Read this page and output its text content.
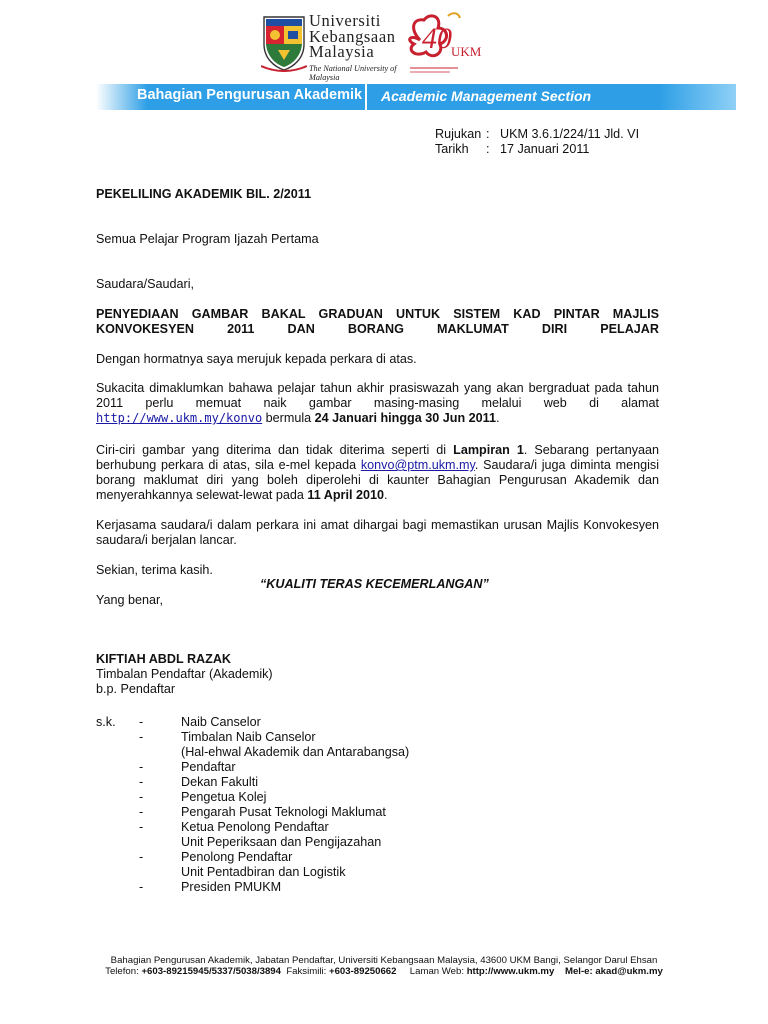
Universiti
Kebangsaan
Malaysia
The National University of Malaysia
40 UKM
Bahagian Pengurusan Akademik Academic Management Section
Rujukan	:	UKM 3.6.1/224/11 Jld. VI
Tarikh	:	17 Januari 2011
PEKELILING AKADEMIK BIL. 2/2011
Semua Pelajar Program Ijazah Pertama
Saudara/Saudari,
PENYEDIAAN GAMBAR BAKAL GRADUAN UNTUK SISTEM KAD PINTAR MAJLIS KONVOKESYEN 2011 DAN BORANG MAKLUMAT DIRI PELAJAR
Dengan hormatnya saya merujuk kepada perkara di atas.
Sukacita dimaklumkan bahawa pelajar tahun akhir prasiswazah yang akan bergraduat pada tahun 2011 perlu memuat naik gambar masing-masing melalui web di alamat http://www.ukm.my/konvo bermula 24 Januari hingga 30 Jun 2011.
Ciri-ciri gambar yang diterima dan tidak diterima seperti di Lampiran 1. Sebarang pertanyaan berhubung perkara di atas, sila e-mel kepada konvo@ptm.ukm.my. Saudara/i juga diminta mengisi borang maklumat diri yang boleh diperolehi di kaunter Bahagian Pengurusan Akademik dan menyerahkannya selewat-lewat pada 11 April 2010.
Kerjasama saudara/i dalam perkara ini amat dihargai bagi memastikan urusan Majlis Konvokesyen saudara/i berjalan lancar.
Sekian, terima kasih.
“KUALITI TERAS KECEMERLANGAN”
Yang benar,
KIFTIAH ABDL RAZAK
Timbalan Pendaftar (Akademik)
b.p. Pendaftar
s.k. -	Naib Canselor
-	Timbalan Naib Canselor
(Hal-ehwal Akademik dan Antarabangsa)
-	Pendaftar
-	Dekan Fakulti
-	Pengetua Kolej
-	Pengarah Pusat Teknologi Maklumat
-	Ketua Penolong Pendaftar
Unit Peperiksaan dan Pengijazahan
-	Penolong Pendaftar
Unit Pentadbiran dan Logistik
-	Presiden PMUKM
Bahagian Pengurusan Akademik, Jabatan Pendaftar, Universiti Kebangsaan Malaysia, 43600 UKM Bangi, Selangor Darul Ehsan
Telefon: +603-89215945/5337/5038/3894 Faksimili: +603-89250662 Laman Web: http://www.ukm.my Mel-e: akad@ukm.my
